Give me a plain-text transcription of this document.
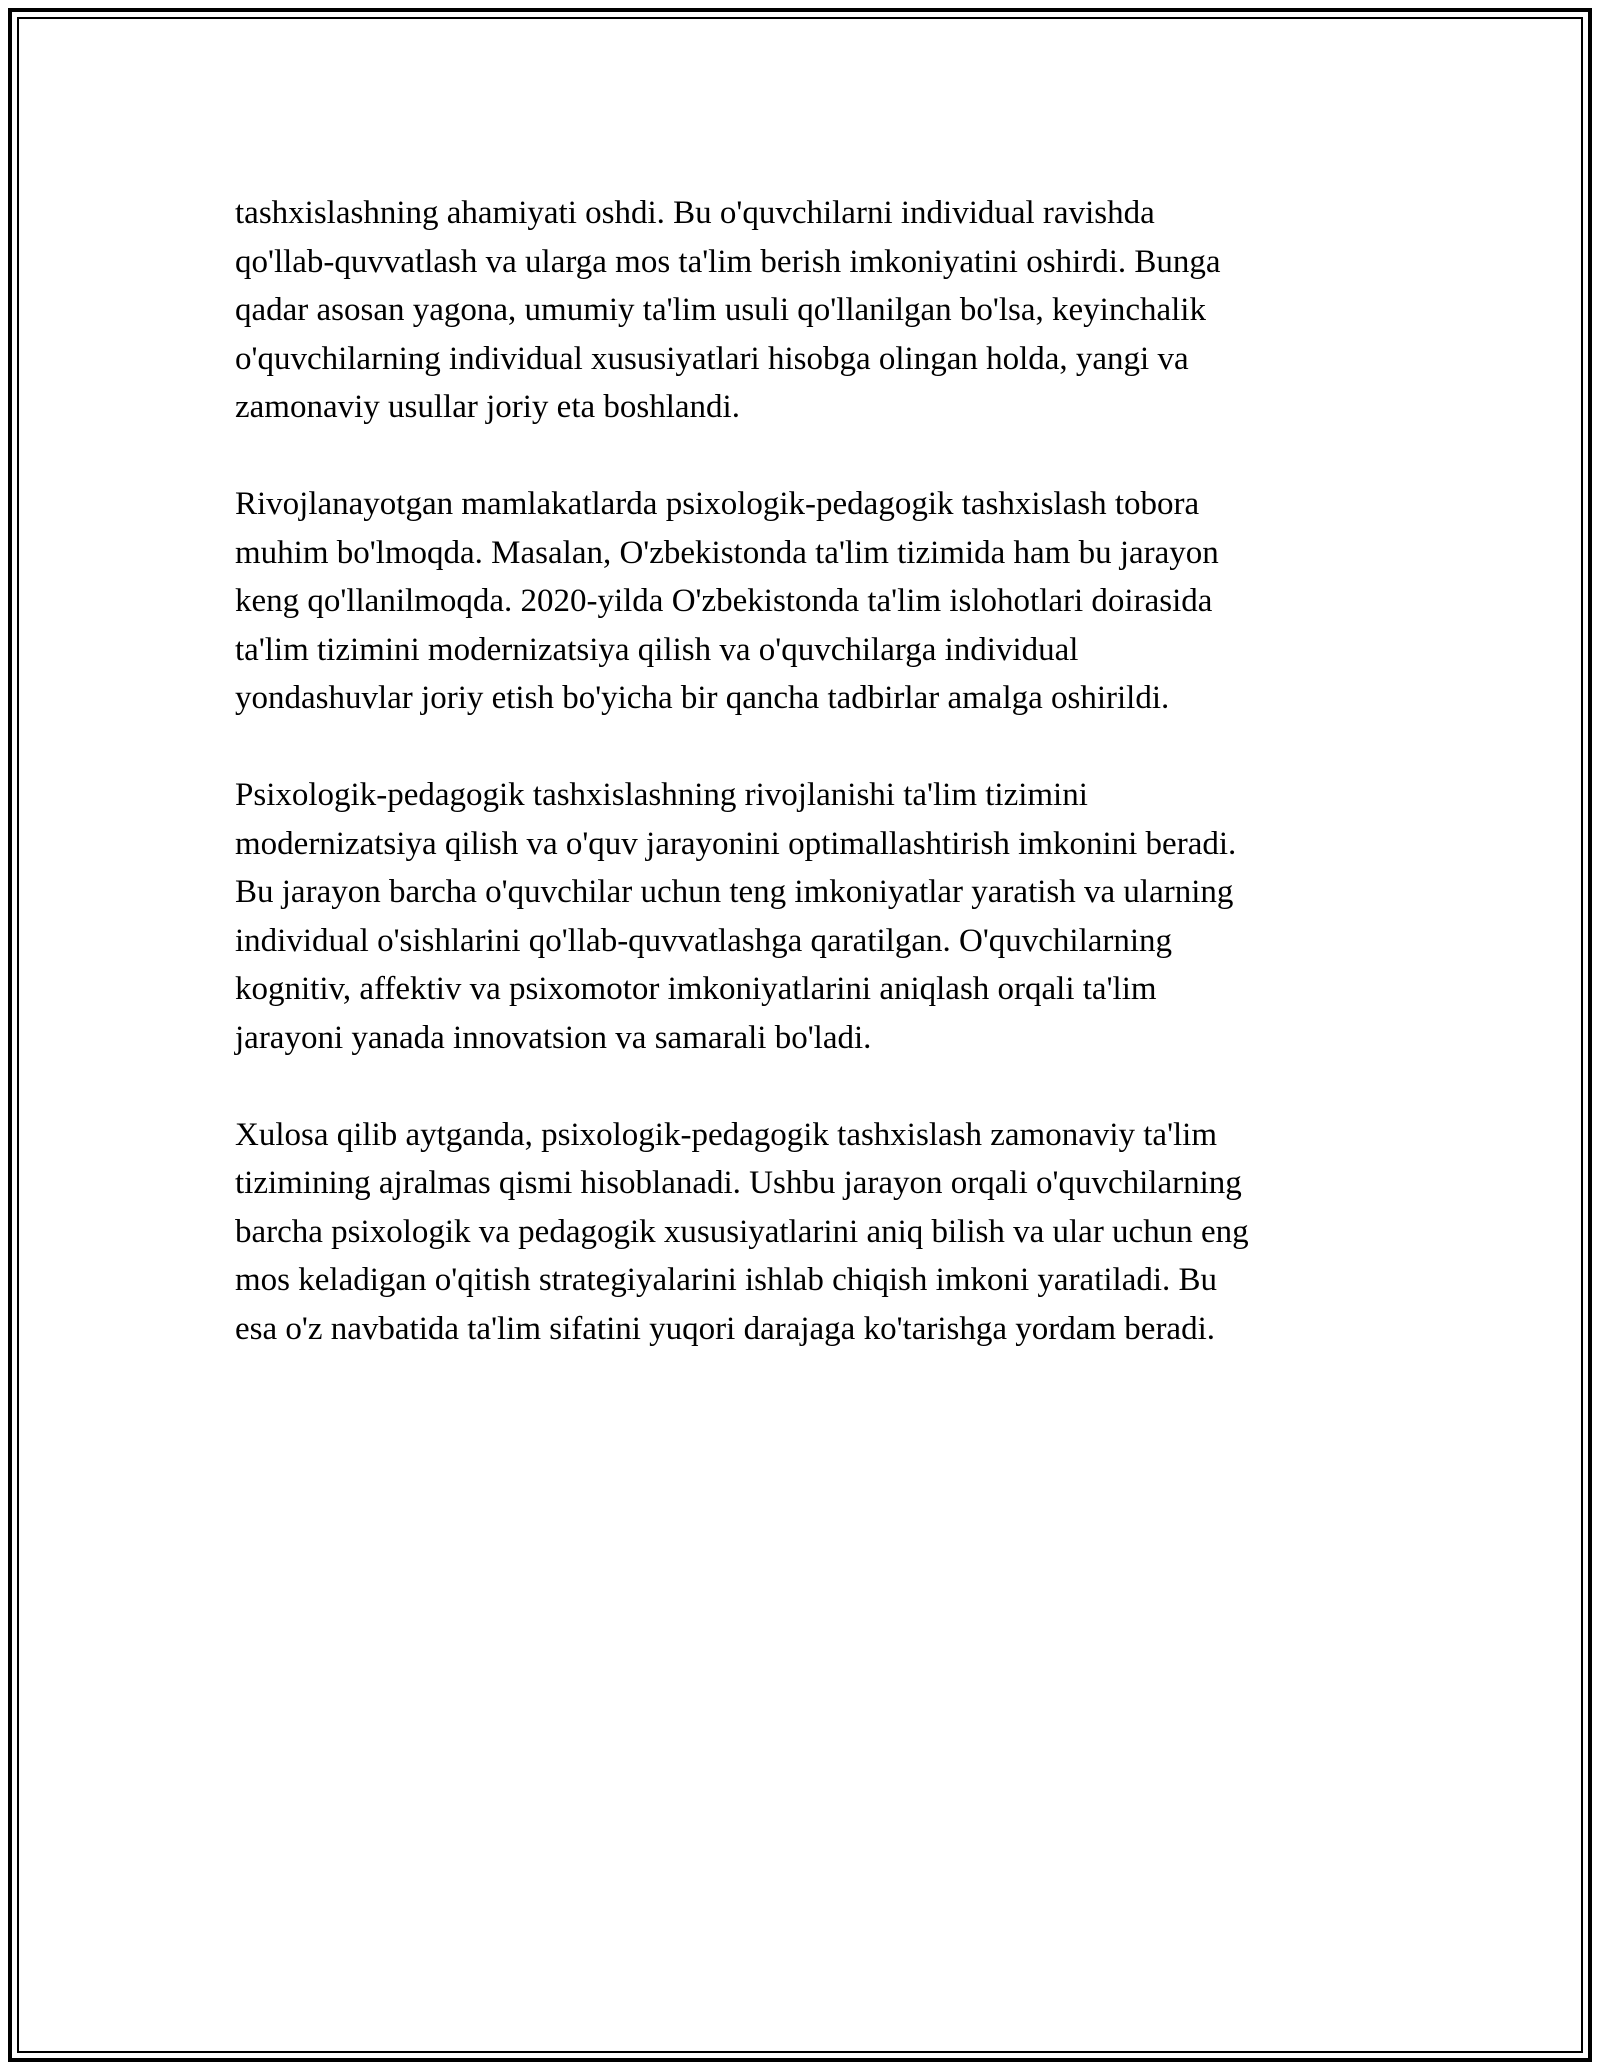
tashxislashning ahamiyati oshdi. Bu o'quvchilarni individual ravishda
qo'llab-quvvatlash va ularga mos ta'lim berish imkoniyatini oshirdi. Bunga
qadar asosan yagona, umumiy ta'lim usuli qo'llanilgan bo'lsa, keyinchalik
o'quvchilarning individual xususiyatlari hisobga olingan holda, yangi va
zamonaviy usullar joriy eta boshlandi.

Rivojlanayotgan mamlakatlarda psixologik-pedagogik tashxislash tobora
muhim bo'lmoqda. Masalan, O'zbekistonda ta'lim tizimida ham bu jarayon
keng qo'llanilmoqda. 2020-yilda O'zbekistonda ta'lim islohotlari doirasida
ta'lim tizimini modernizatsiya qilish va o'quvchilarga individual
yondashuvlar joriy etish bo'yicha bir qancha tadbirlar amalga oshirildi.

Psixologik-pedagogik tashxislashning rivojlanishi ta'lim tizimini
modernizatsiya qilish va o'quv jarayonini optimallashtirish imkonini beradi.
Bu jarayon barcha o'quvchilar uchun teng imkoniyatlar yaratish va ularning
individual o'sishlarini qo'llab-quvvatlashga qaratilgan. O'quvchilarning
kognitiv, affektiv va psixomotor imkoniyatlarini aniqlash orqali ta'lim
jarayoni yanada innovatsion va samarali bo'ladi.

Xulosa qilib aytganda, psixologik-pedagogik tashxislash zamonaviy ta'lim
tizimining ajralmas qismi hisoblanadi. Ushbu jarayon orqali o'quvchilarning
barcha psixologik va pedagogik xususiyatlarini aniq bilish va ular uchun eng
mos keladigan o'qitish strategiyalarini ishlab chiqish imkoni yaratiladi. Bu
esa o'z navbatida ta'lim sifatini yuqori darajaga ko'tarishga yordam beradi.
